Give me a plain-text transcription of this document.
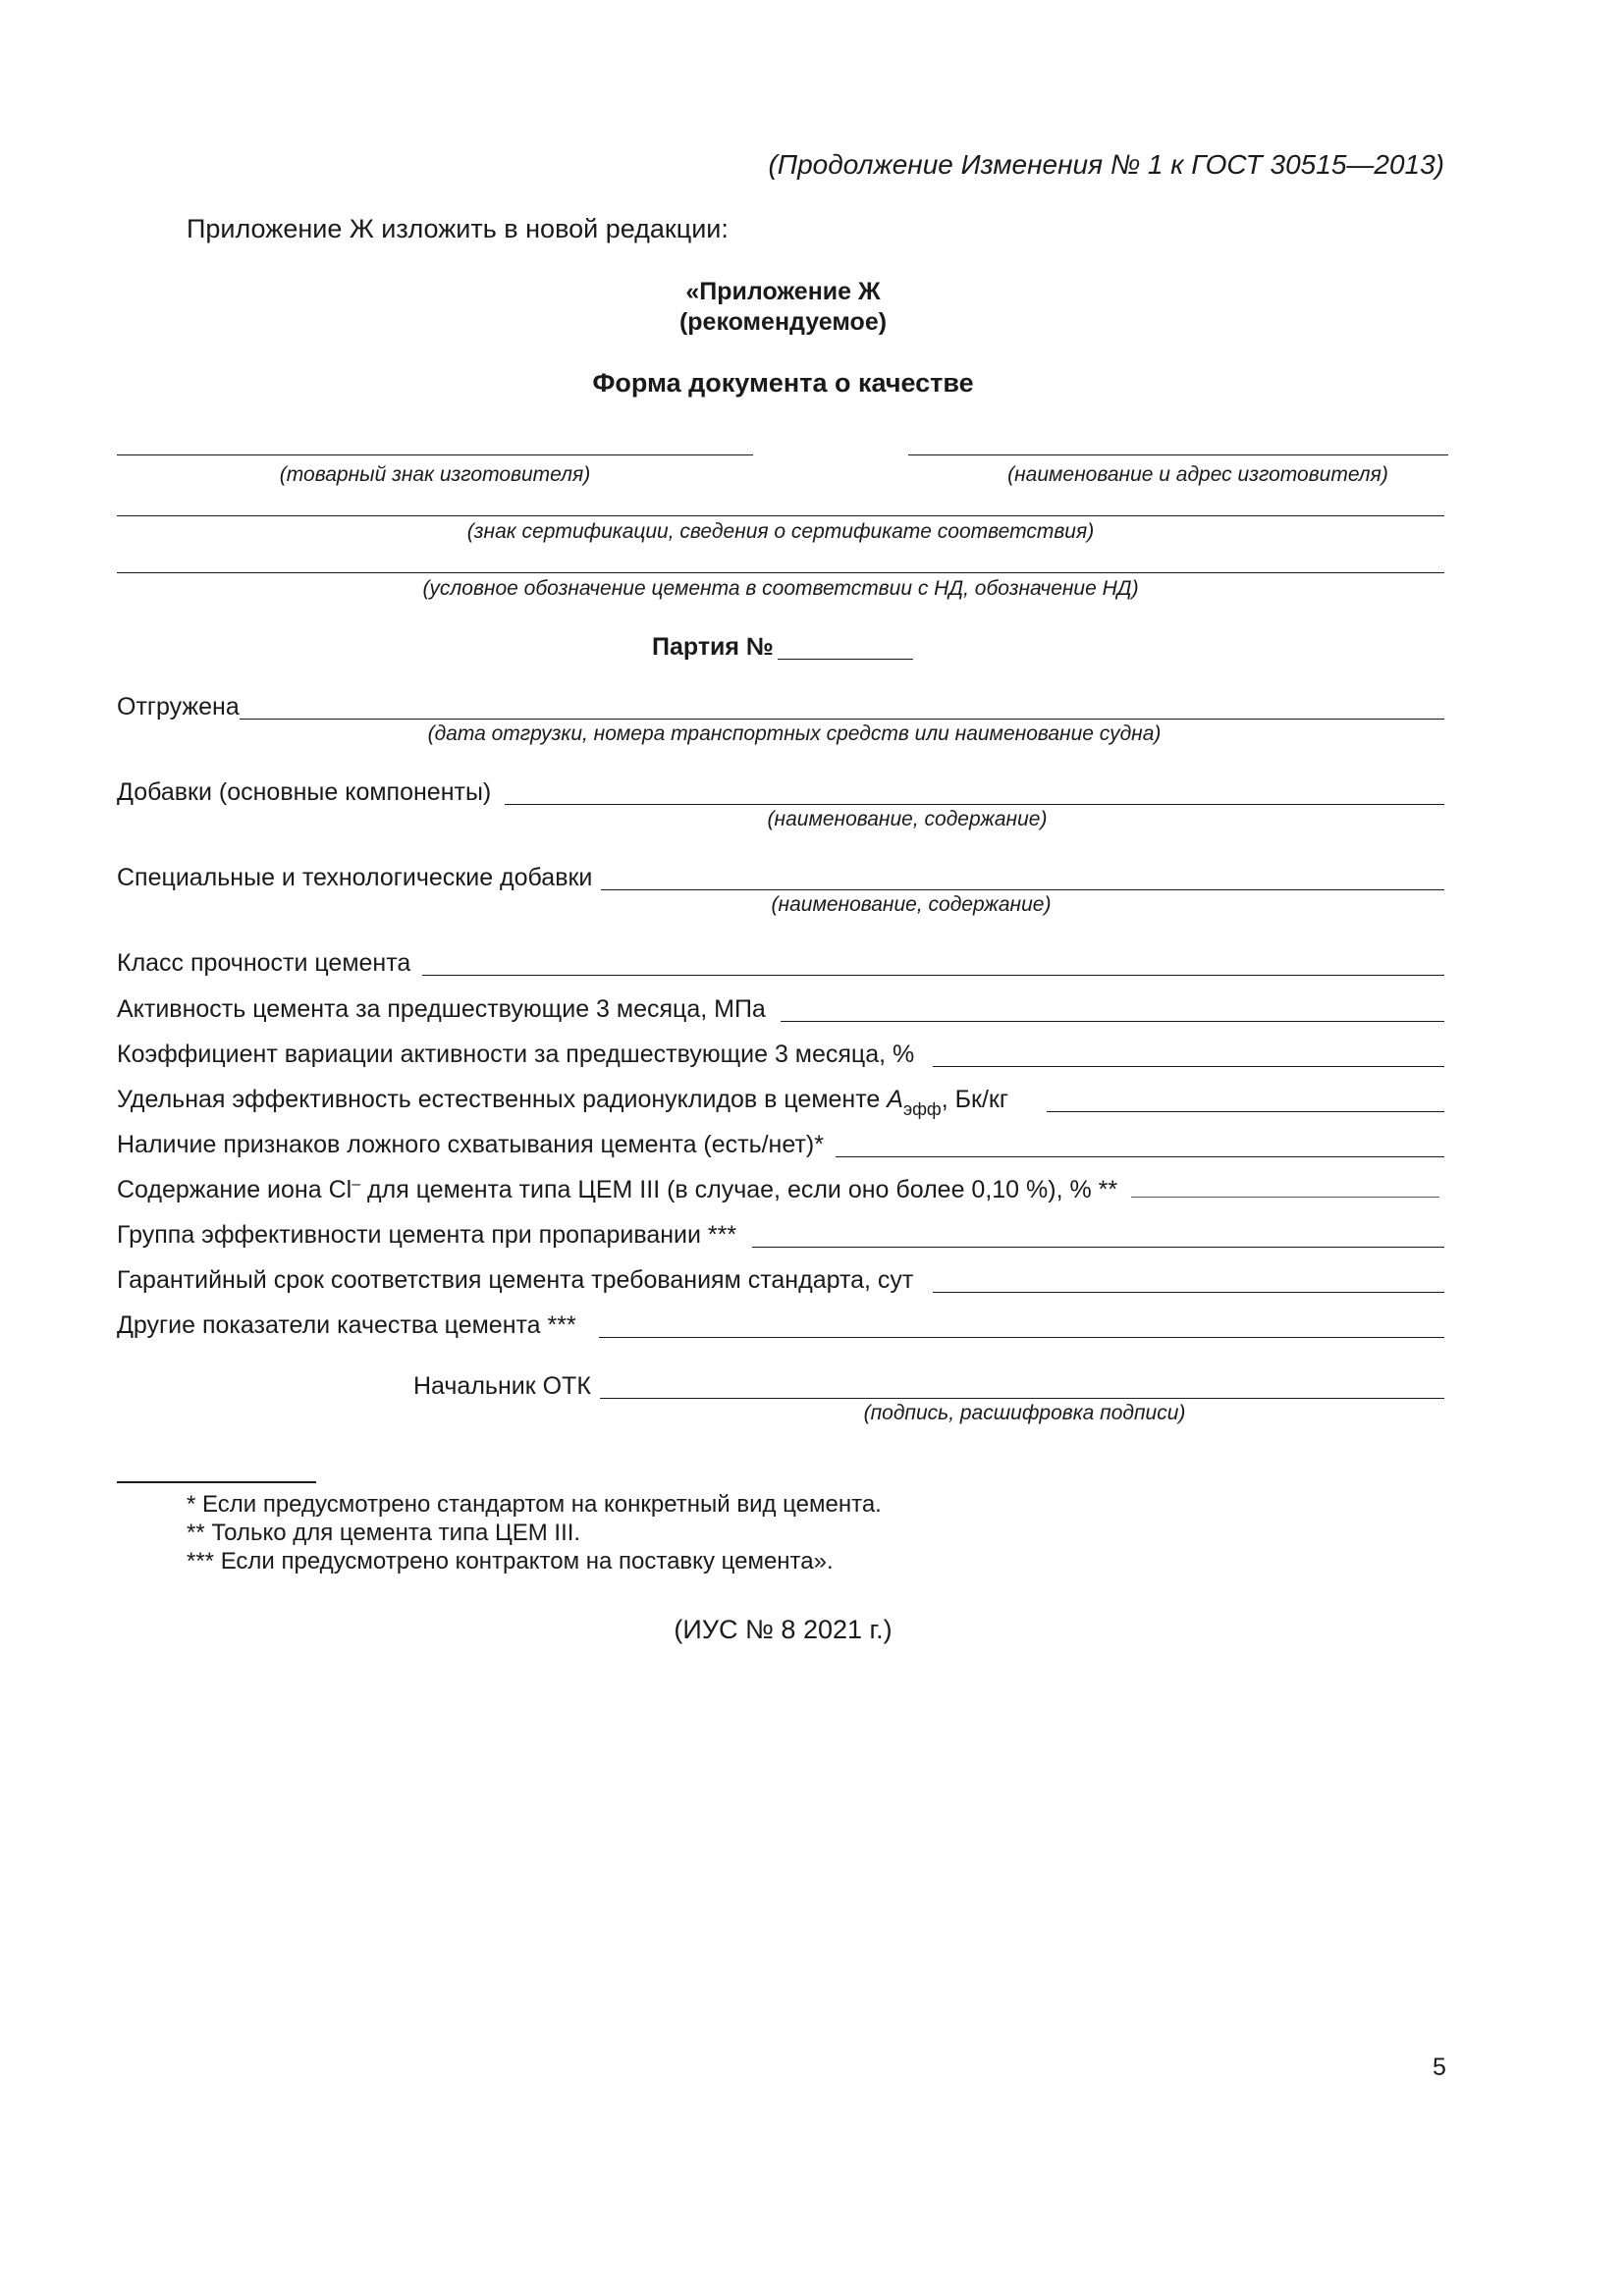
(Продолжение Изменения № 1 к ГОСТ 30515—2013)
Приложение Ж изложить в новой редакции:
«Приложение Ж
(рекомендуемое)
Форма документа о качестве
(товарный знак изготовителя)	(наименование и адрес изготовителя)
(знак сертификации, сведения о сертификате соответствия)
(условное обозначение цемента в соответствии с НД, обозначение НД)
Партия №
Отгружена
(дата отгрузки, номера транспортных средств или наименование судна)
Добавки (основные компоненты)
(наименование, содержание)
Специальные и технологические добавки
(наименование, содержание)
Класс прочности цемента
Активность цемента за предшествующие 3 месяца, МПа
Коэффициент вариации активности за предшествующие 3 месяца, %
Удельная эффективность естественных радионуклидов в цементе $A_{эфф}$, Бк/кг
Наличие признаков ложного схватывания цемента (есть/нет)*
Содержание иона Cl– для цемента типа ЦЕМ III (в случае, если оно более 0,10 %), % **
Группа эффективности цемента при пропаривании ***
Гарантийный срок соответствия цемента требованиям стандарта, сут
Другие показатели качества цемента ***
Начальник ОТК
(подпись, расшифровка подписи)
* Если предусмотрено стандартом на конкретный вид цемента.
** Только для цемента типа ЦЕМ III.
*** Если предусмотрено контрактом на поставку цемента».
(ИУС № 8 2021 г.)
5
